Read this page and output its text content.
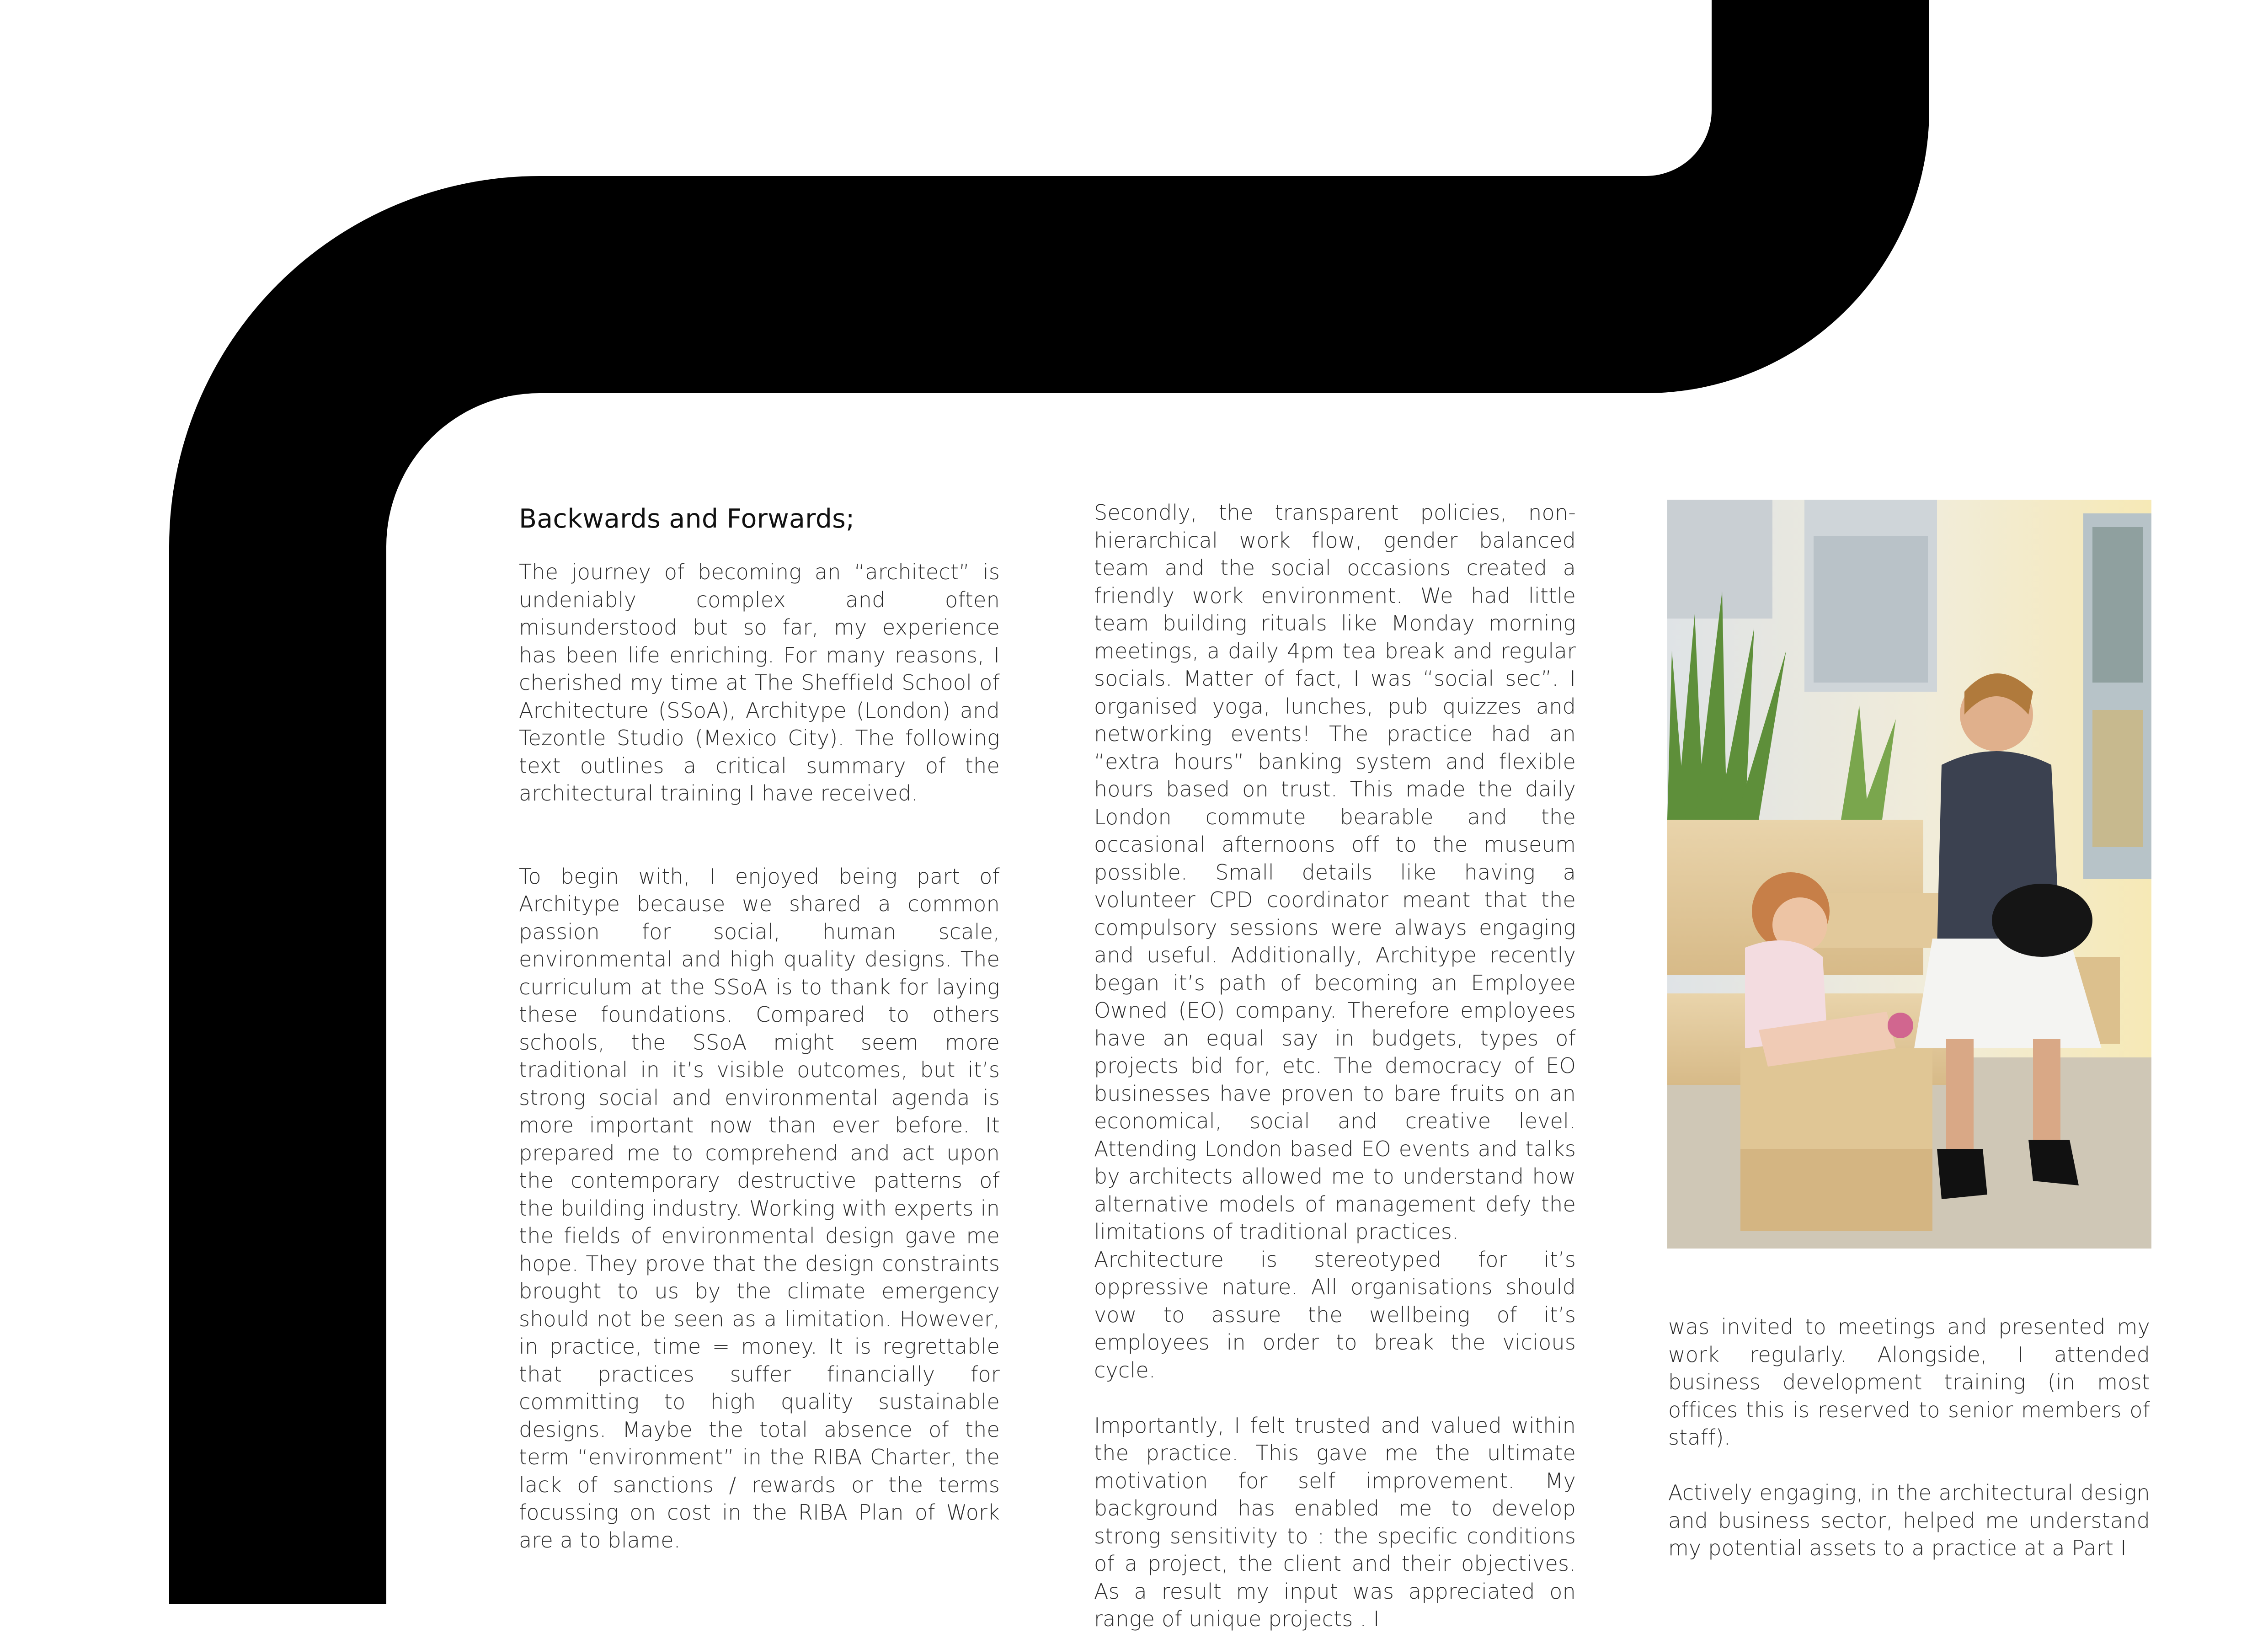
Backwards and Forwards;

The journey of becoming an “architect” is undeniably complex and often misunderstood but so far, my experience has been life enriching. For many reasons, I cherished my time at The Sheffield School of Architecture (SSoA), Architype (London) and Tezontle Studio (Mexico City). The following text outlines a critical summary of the architectural training I have received.

To begin with, I enjoyed being part of Architype because we shared a common passion for social, human scale, environmental and high quality designs. The curriculum at the SSoA is to thank for laying these foundations. Compared to others schools, the SSoA might seem more traditional in it’s visible outcomes, but it’s strong social and environmental agenda is more important now than ever before. It prepared me to comprehend and act upon the contemporary destructive patterns of the building industry. Working with experts in the fields of environmental design gave me hope. They prove that the design constraints brought to us by the climate emergency should not be seen as a limitation. However, in practice, time = money. It is regrettable that practices suffer financially for committing to high quality sustainable designs. Maybe the total absence of the term “environment” in the RIBA Charter, the lack of sanctions / rewards or the terms focussing on cost in the RIBA Plan of Work are a to blame.

Secondly, the transparent policies, non-hierarchical work flow, gender balanced team and the social occasions created a friendly work environment. We had little team building rituals like Monday morning meetings, a daily 4pm tea break and regular socials. Matter of fact, I was “social sec”. I organised yoga, lunches, pub quizzes and networking events! The practice had an “extra hours” banking system and flexible hours based on trust. This made the daily London commute bearable and the occasional afternoons off to the museum possible. Small details like having a volunteer CPD coordinator meant that the compulsory sessions were always engaging and useful. Additionally, Architype recently began it’s path of becoming an Employee Owned (EO) company. Therefore employees have an equal say in budgets, types of projects bid for, etc. The democracy of EO businesses have proven to bare fruits on an economical, social and creative level. Attending London based EO events and talks by architects allowed me to understand how alternative models of management defy the limitations of traditional practices.

Architecture is stereotyped for it’s oppressive nature. All organisations should vow to assure the wellbeing of it’s employees in order to break the vicious cycle.

Importantly, I felt trusted and valued within the practice. This gave me the ultimate motivation for self improvement. My background has enabled me to develop strong sensitivity to : the specific conditions of a project, the client and their objectives. As a result my input was appreciated on range of unique projects . I

was invited to meetings and presented my work regularly. Alongside, I attended business development training (in most offices this is reserved to senior members of staff).

Actively engaging, in the architectural design and business sector, helped me understand my potential assets to a practice at a Part I
